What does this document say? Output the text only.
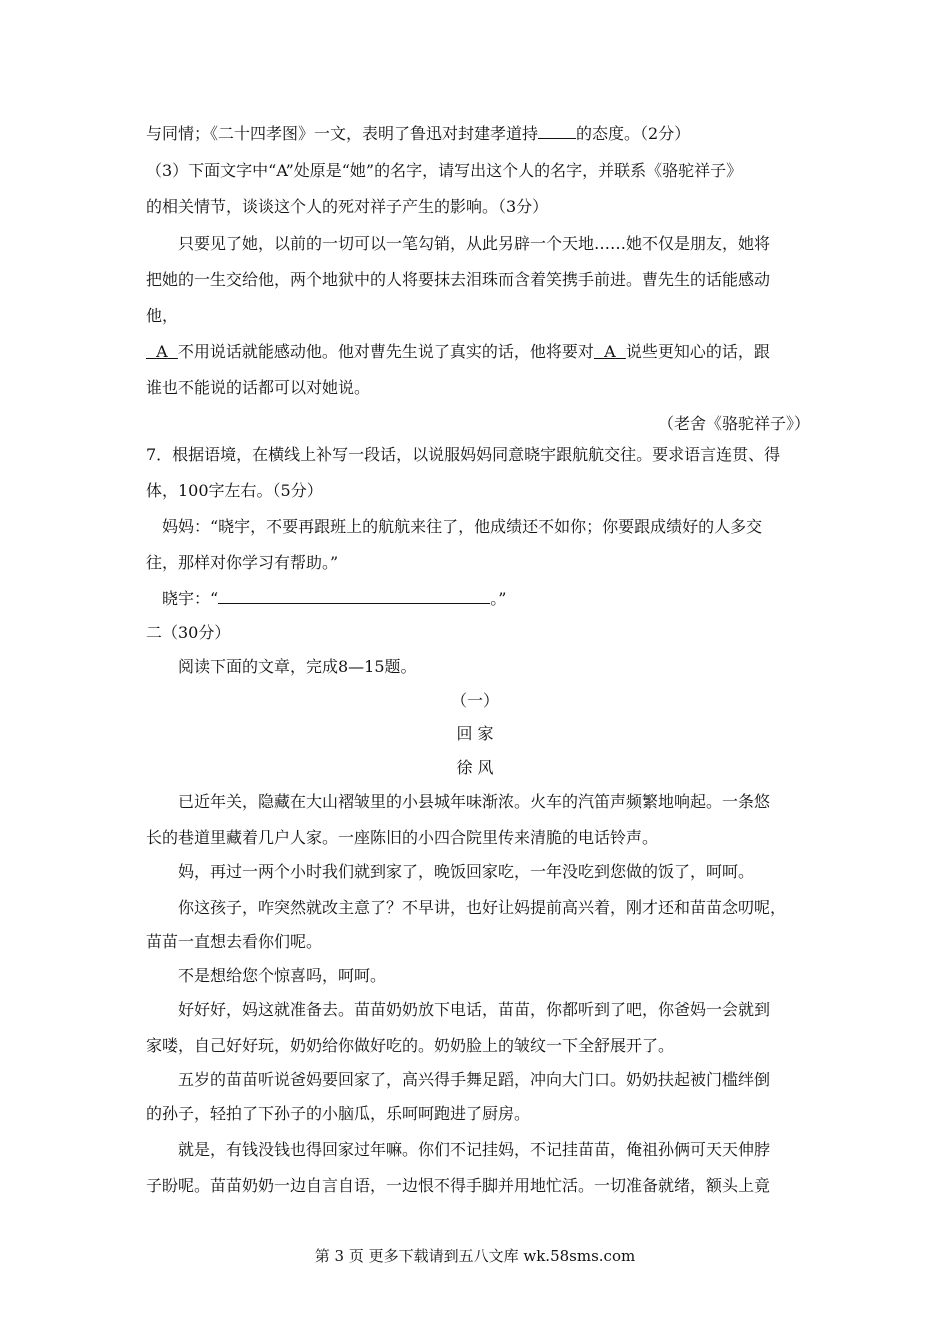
与同情；《二十四孝图》一文，表明了鲁迅对封建孝道持 的态度。（2分）
（3）下面文字中“A”处原是“她”的名字，请写出这个人的名字，并联系《骆驼祥子》
的相关情节，谈谈这个人的死对祥子产生的影响。（3分）
只要见了她，以前的一切可以一笔勾销，从此另辟一个天地……她不仅是朋友，她将
把她的一生交给他，两个地狱中的人将要抹去泪珠而含着笑携手前进。曹先生的话能感动
他，
A 不用说话就能感动他。他对曹先生说了真实的话，他将要对 A 说些更知心的话，跟
谁也不能说的话都可以对她说。
（老舍《骆驼祥子》）
7．根据语境，在横线上补写一段话，以说服妈妈同意晓宇跟航航交往。要求语言连贯、得
体，100字左右。（5分）
妈妈：“晓宇，不要再跟班上的航航来往了，他成绩还不如你；你要跟成绩好的人多交
往，那样对你学习有帮助。”
晓宇：“	。”
二（30分）
阅读下面的文章，完成8—15题。
（一）
回 家
徐 风
已近年关，隐藏在大山褶皱里的小县城年味渐浓。火车的汽笛声频繁地响起。一条悠
长的巷道里藏着几户人家。一座陈旧的小四合院里传来清脆的电话铃声。
妈，再过一两个小时我们就到家了，晚饭回家吃，一年没吃到您做的饭了，呵呵。
你这孩子，咋突然就改主意了？不早讲，也好让妈提前高兴着，刚才还和苗苗念叨呢，
苗苗一直想去看你们呢。
不是想给您个惊喜吗，呵呵。
好好好，妈这就准备去。苗苗奶奶放下电话，苗苗，你都听到了吧，你爸妈一会就到
家喽，自己好好玩，奶奶给你做好吃的。奶奶脸上的皱纹一下全舒展开了。
五岁的苗苗听说爸妈要回家了，高兴得手舞足蹈，冲向大门口。奶奶扶起被门槛绊倒
的孙子，轻拍了下孙子的小脑瓜，乐呵呵跑进了厨房。
就是，有钱没钱也得回家过年嘛。你们不记挂妈，不记挂苗苗，俺祖孙俩可天天伸脖
子盼呢。苗苗奶奶一边自言自语，一边恨不得手脚并用地忙活。一切准备就绪，额头上竟
第 3 页 更多下载请到五八文库 wk.58sms.com
